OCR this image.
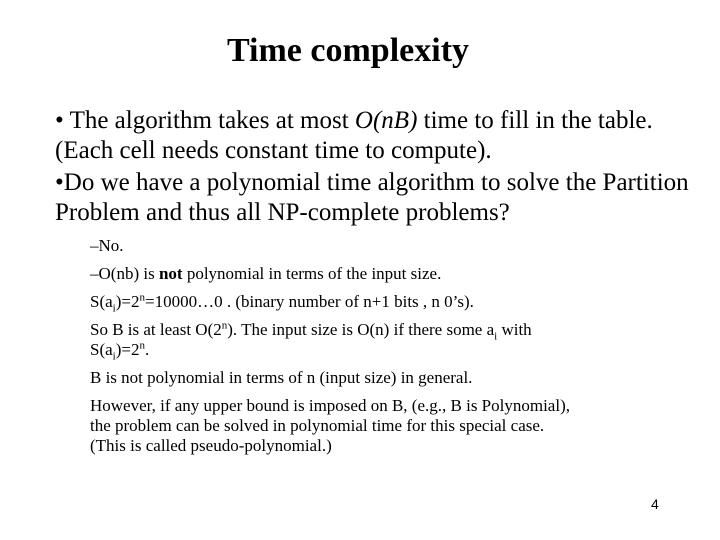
Time complexity

• The algorithm takes at most O(nB) time to fill in the table. (Each cell needs constant time to compute).

•Do we have a polynomial time algorithm to solve the Partition Problem and thus all NP-complete problems?

–No.

–O(nb) is not polynomial in terms of the input size.

$S(a_i)=2^n=10000\dots 0$ . (binary number of n+1 bits , n 0’s).

So B is at least O(2$^n$). The input size is O(n) if there some $a_i$ with

$S(a_i)=2^n$.

B is not polynomial in terms of n (input size) in general.

However, if any upper bound is imposed on B, (e.g., B is Polynomial),

the problem can be solved in polynomial time for this special case.

(This is called pseudo-polynomial.)

4
